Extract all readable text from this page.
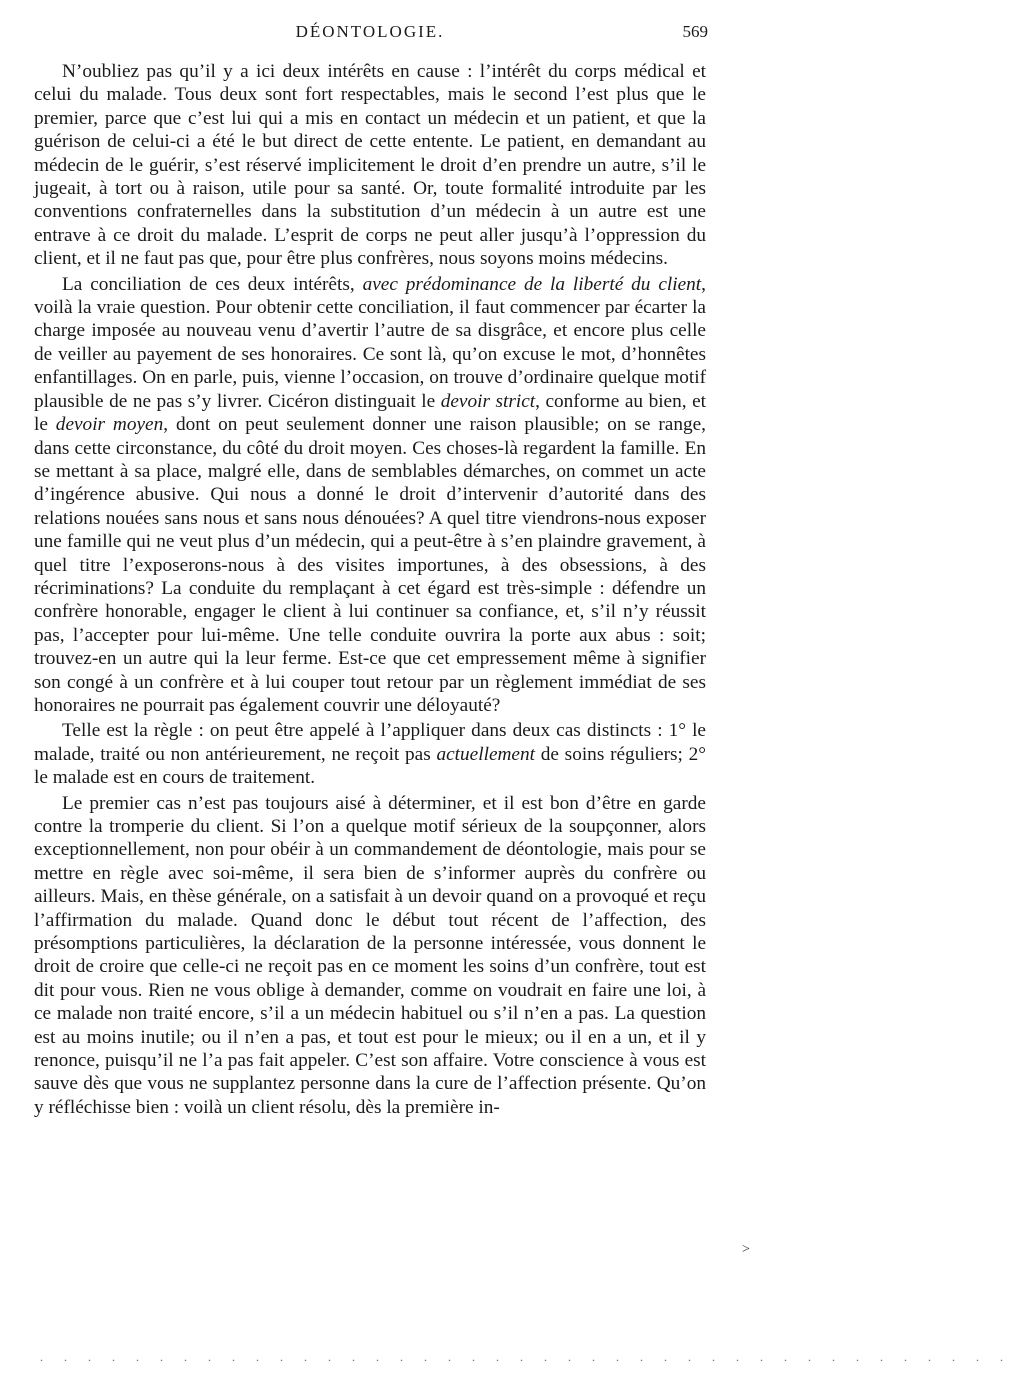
DÉONTOLOGIE.	569

N’oubliez pas qu’il y a ici deux intérêts en cause : l’intérêt du corps médical et celui du malade. Tous deux sont fort respectables, mais le second l’est plus que le premier, parce que c’est lui qui a mis en contact un médecin et un patient, et que la guérison de celui-ci a été le but direct de cette entente. Le patient, en demandant au médecin de le guérir, s’est réservé implicitement le droit d’en prendre un autre, s’il le jugeait, à tort ou à raison, utile pour sa santé. Or, toute formalité introduite par les conventions confraternelles dans la substitution d’un médecin à un autre est une entrave à ce droit du malade. L’esprit de corps ne peut aller jusqu’à l’oppression du client, et il ne faut pas que, pour être plus confrères, nous soyons moins médecins.

La conciliation de ces deux intérêts, avec prédominance de la liberté du client, voilà la vraie question. Pour obtenir cette conciliation, il faut commencer par écarter la charge imposée au nouveau venu d’avertir l’autre de sa disgrâce, et encore plus celle de veiller au payement de ses honoraires. Ce sont là, qu’on excuse le mot, d’honnêtes enfantillages. On en parle, puis, vienne l’occasion, on trouve d’ordinaire quelque motif plausible de ne pas s’y livrer. Cicéron distinguait le devoir strict, conforme au bien, et le devoir moyen, dont on peut seulement donner une raison plausible; on se range, dans cette circonstance, du côté du droit moyen. Ces choses-là regardent la famille. En se mettant à sa place, malgré elle, dans de semblables démarches, on commet un acte d’ingérence abusive. Qui nous a donné le droit d’intervenir d’autorité dans des relations nouées sans nous et sans nous dénouées? A quel titre viendrons-nous exposer une famille qui ne veut plus d’un médecin, qui a peut-être à s’en plaindre gravement, à quel titre l’exposerons-nous à des visites importunes, à des obsessions, à des récriminations? La conduite du remplaçant à cet égard est très-simple : défendre un confrère honorable, engager le client à lui continuer sa confiance, et, s’il n’y réussit pas, l’accepter pour lui-même. Une telle conduite ouvrira la porte aux abus : soit; trouvez-en un autre qui la leur ferme. Est-ce que cet empressement même à signifier son congé à un confrère et à lui couper tout retour par un règlement immédiat de ses honoraires ne pourrait pas également couvrir une déloyauté?

Telle est la règle : on peut être appelé à l’appliquer dans deux cas distincts : 1° le malade, traité ou non antérieurement, ne reçoit pas actuellement de soins réguliers; 2° le malade est en cours de traitement.

Le premier cas n’est pas toujours aisé à déterminer, et il est bon d’être en garde contre la tromperie du client. Si l’on a quelque motif sérieux de la soupçonner, alors exceptionnellement, non pour obéir à un commandement de déontologie, mais pour se mettre en règle avec soi-même, il sera bien de s’informer auprès du confrère ou ailleurs. Mais, en thèse générale, on a satisfait à un devoir quand on a provoqué et reçu l’affirmation du malade. Quand donc le début tout récent de l’affection, des présomptions particulières, la déclaration de la personne intéressée, vous donnent le droit de croire que celle-ci ne reçoit pas en ce moment les soins d’un confrère, tout est dit pour vous. Rien ne vous oblige à demander, comme on voudrait en faire une loi, à ce malade non traité encore, s’il a un médecin habituel ou s’il n’en a pas. La question est au moins inutile; ou il n’en a pas, et tout est pour le mieux; ou il en a un, et il y renonce, puisqu’il ne l’a pas fait appeler. C’est son affaire. Votre conscience à vous est sauve dès que vous ne supplantez personne dans la cure de l’affection présente. Qu’on y réfléchisse bien : voilà un client résolu, dès la première in-

>
. . . . . . . . . . . . . . . . . . . . . . . . . . . . . . . . . . . . . . . . .
